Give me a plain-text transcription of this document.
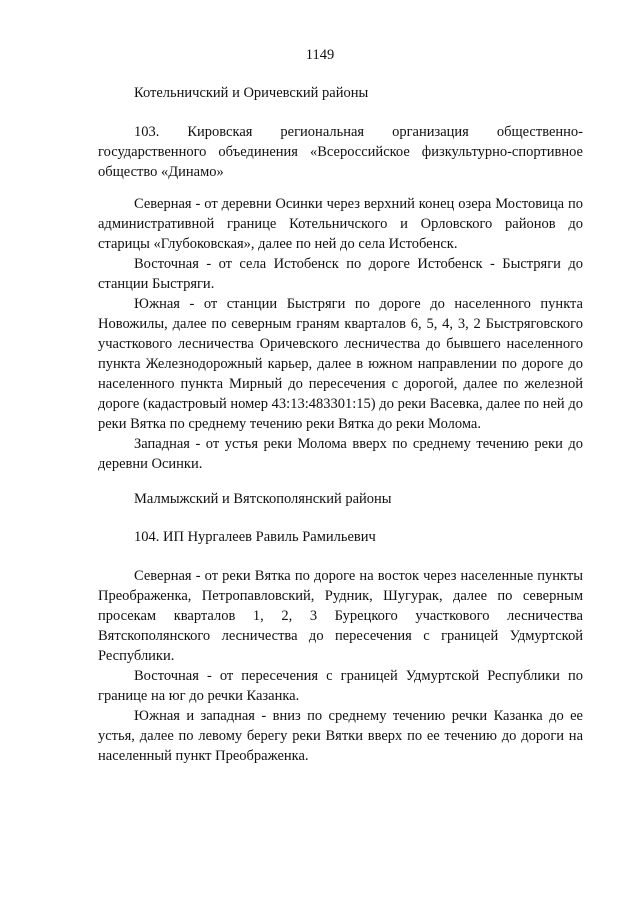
1149
Котельничский и Оричевский районы

103.  Кировская  региональная  организация  общественно-государственного объединения «Всероссийское физкультурно-спортивное общество «Динамо»

Северная - от деревни Осинки через верхний конец озера Мостовица по административной границе Котельничского и Орловского районов до старицы «Глубоковская», далее по ней до села Истобенск.

Восточная - от села Истобенск по дороге Истобенск - Быстряги до станции Быстряги.

Южная - от станции Быстряги по дороге до населенного пункта Новожилы, далее по северным граням кварталов 6, 5, 4, 3, 2 Быстряговского участкового лесничества Оричевского лесничества до бывшего населенного пункта Железнодорожный карьер, далее в южном направлении по дороге до населенного пункта Мирный до пересечения с дорогой, далее по железной дороге (кадастровый номер 43:13:483301:15) до реки Васевка, далее по ней до реки Вятка по среднему течению реки Вятка до реки Молома.

Западная - от устья реки Молома вверх по среднему течению реки до деревни Осинки.

Малмыжский и Вятскополянский районы
104. ИП Нургалеев Равиль Рамильевич

Северная - от реки Вятка по дороге на восток через населенные пункты Преображенка, Петропавловский, Рудник, Шугурак, далее по северным просекам кварталов 1, 2, 3 Бурецкого участкового лесничества Вятскополянского лесничества до пересечения с границей Удмуртской Республики.

Восточная - от пересечения с границей Удмуртской Республики по границе на юг до речки Казанка.

Южная и западная - вниз по среднему течению речки Казанка до ее устья, далее по левому берегу реки Вятки вверх по ее течению до дороги на населенный пункт Преображенка.
